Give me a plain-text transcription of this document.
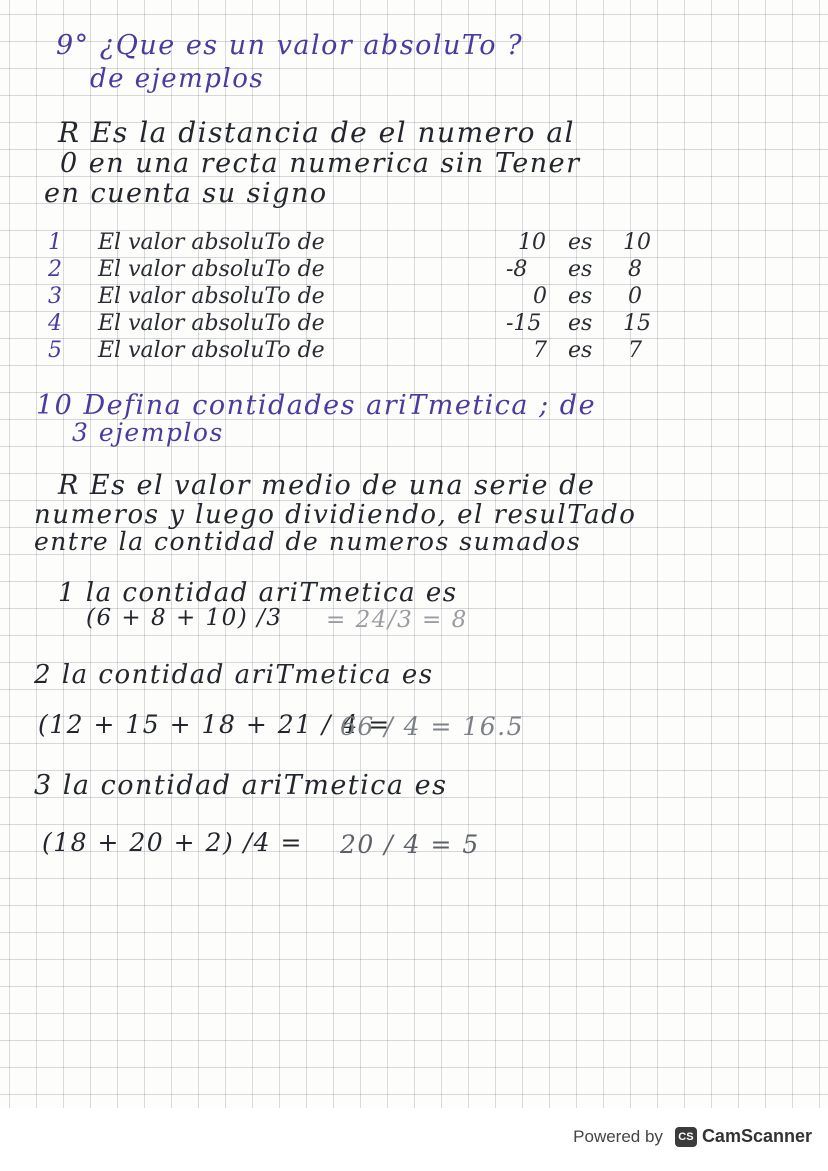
9° ¿Que es un valor absoluTo ?
de ejemplos
R Es la distancia de el numero al
0 en una recta numerica sin Tener
en cuenta su signo
1 El valor absoluTo de	10 es 10
2 El valor absoluTo de	-8 es 8
3 El valor absoluTo de	0 es 0
4 El valor absoluTo de	-15 es 15
5 El valor absoluTo de	7 es 7
10 Defina contidades ariTmetica ; de
3 ejemplos
R Es el valor medio de una serie de
numeros y luego dividiendo, el resulTado
entre la contidad de numeros sumados
1 la contidad ariTmetica es
(6 + 8 + 10) /3 = 24/3 = 8
2 la contidad ariTmetica es
(12 + 15 + 18 + 21 / 4 =
66 / 4 = 16.5
3 la contidad ariTmetica es
(18 + 20 + 2) /4 = 20 / 4 = 5
Powered by	CS CamScanner
